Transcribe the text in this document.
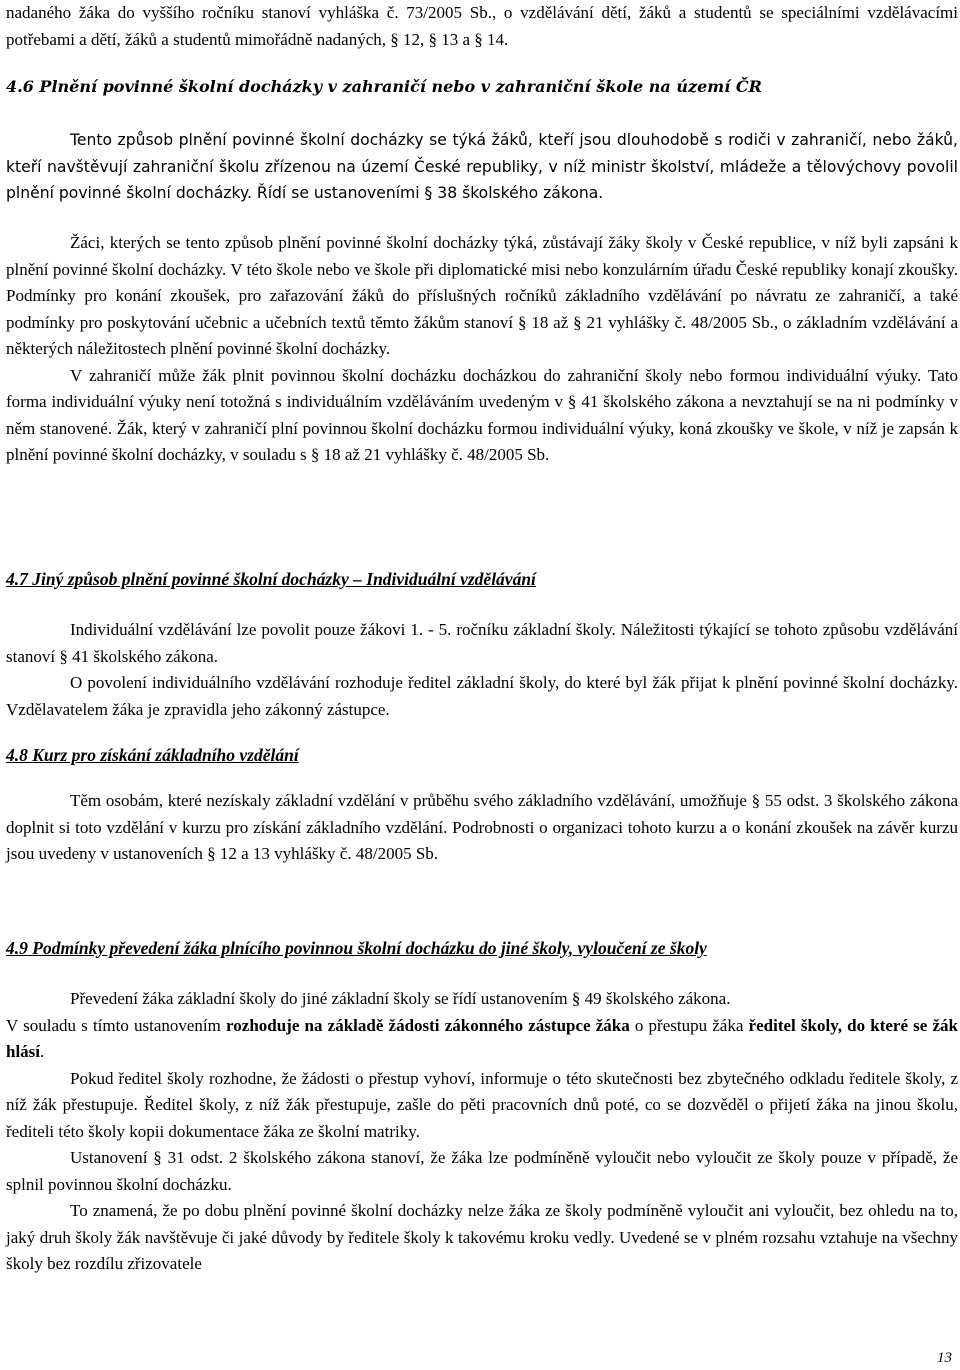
nadaného žáka do vyššího ročníku stanoví vyhláška č. 73/2005 Sb., o vzdělávání dětí, žáků a studentů se speciálními vzdělávacími potřebami a dětí, žáků a studentů mimořádně nadaných, § 12, § 13 a § 14.

4.6 Plnění povinné školní docházky v zahraničí nebo v zahraniční škole na území ČR

Tento způsob plnění povinné školní docházky se týká žáků, kteří jsou dlouhodobě s rodiči v zahraničí, nebo žáků, kteří navštěvují zahraniční školu zřízenou na území České republiky, v níž ministr školství, mládeže a tělovýchovy povolil plnění povinné školní docházky. Řídí se ustanoveními § 38 školského zákona.

Žáci, kterých se tento způsob plnění povinné školní docházky týká, zůstávají žáky školy v České republice, v níž byli zapsáni k plnění povinné školní docházky. V této škole nebo ve škole při diplomatické misi nebo konzulárním úřadu České republiky konají zkoušky. Podmínky pro konání zkoušek, pro zařazování žáků do příslušných ročníků základního vzdělávání po návratu ze zahraničí, a také podmínky pro poskytování učebnic a učebních textů těmto žákům stanoví § 18 až § 21 vyhlášky č. 48/2005 Sb., o základním vzdělávání a některých náležitostech plnění povinné školní docházky.

V zahraničí může žák plnit povinnou školní docházku docházkou do zahraniční školy nebo formou individuální výuky. Tato forma individuální výuky není totožná s individuálním vzděláváním uvedeným v § 41 školského zákona a nevztahují se na ni podmínky v něm stanovené. Žák, který v zahraničí plní povinnou školní docházku formou individuální výuky, koná zkoušky ve škole, v níž je zapsán k plnění povinné školní docházky, v souladu s § 18 až 21 vyhlášky č. 48/2005 Sb.

4.7 Jiný způsob plnění povinné školní docházky – Individuální vzdělávání

Individuální vzdělávání lze povolit pouze žákovi 1. - 5. ročníku základní školy. Náležitosti týkající se tohoto způsobu vzdělávání stanoví § 41 školského zákona.

O povolení individuálního vzdělávání rozhoduje ředitel základní školy, do které byl žák přijat k plnění povinné školní docházky. Vzdělavatelem žáka je zpravidla jeho zákonný zástupce.

4.8 Kurz pro získání základního vzdělání

Těm osobám, které nezískaly základní vzdělání v průběhu svého základního vzdělávání, umožňuje § 55 odst. 3 školského zákona doplnit si toto vzdělání v kurzu pro získání základního vzdělání. Podrobnosti o organizaci tohoto kurzu a o konání zkoušek na závěr kurzu jsou uvedeny v ustanoveních § 12 a 13 vyhlášky č. 48/2005 Sb.

4.9 Podmínky převedení žáka plnícího povinnou školní docházku do jiné školy, vyloučení ze školy

Převedení žáka základní školy do jiné základní školy se řídí ustanovením § 49 školského zákona.

V souladu s tímto ustanovením rozhoduje na základě žádosti zákonného zástupce žáka o přestupu žáka ředitel školy, do které se žák hlásí.

Pokud ředitel školy rozhodne, že žádosti o přestup vyhoví, informuje o této skutečnosti bez zbytečného odkladu ředitele školy, z níž žák přestupuje. Ředitel školy, z níž žák přestupuje, zašle do pěti pracovních dnů poté, co se dozvěděl o přijetí žáka na jinou školu, řediteli této školy kopii dokumentace žáka ze školní matriky.

Ustanovení § 31 odst. 2 školského zákona stanoví, že žáka lze podmíněně vyloučit nebo vyloučit ze školy pouze v případě, že splnil povinnou školní docházku.

To znamená, že po dobu plnění povinné školní docházky nelze žáka ze školy podmíněně vyloučit ani vyloučit, bez ohledu na to, jaký druh školy žák navštěvuje či jaké důvody by ředitele školy k takovému kroku vedly. Uvedené se v plném rozsahu vztahuje na všechny školy bez rozdílu zřizovatele

13
